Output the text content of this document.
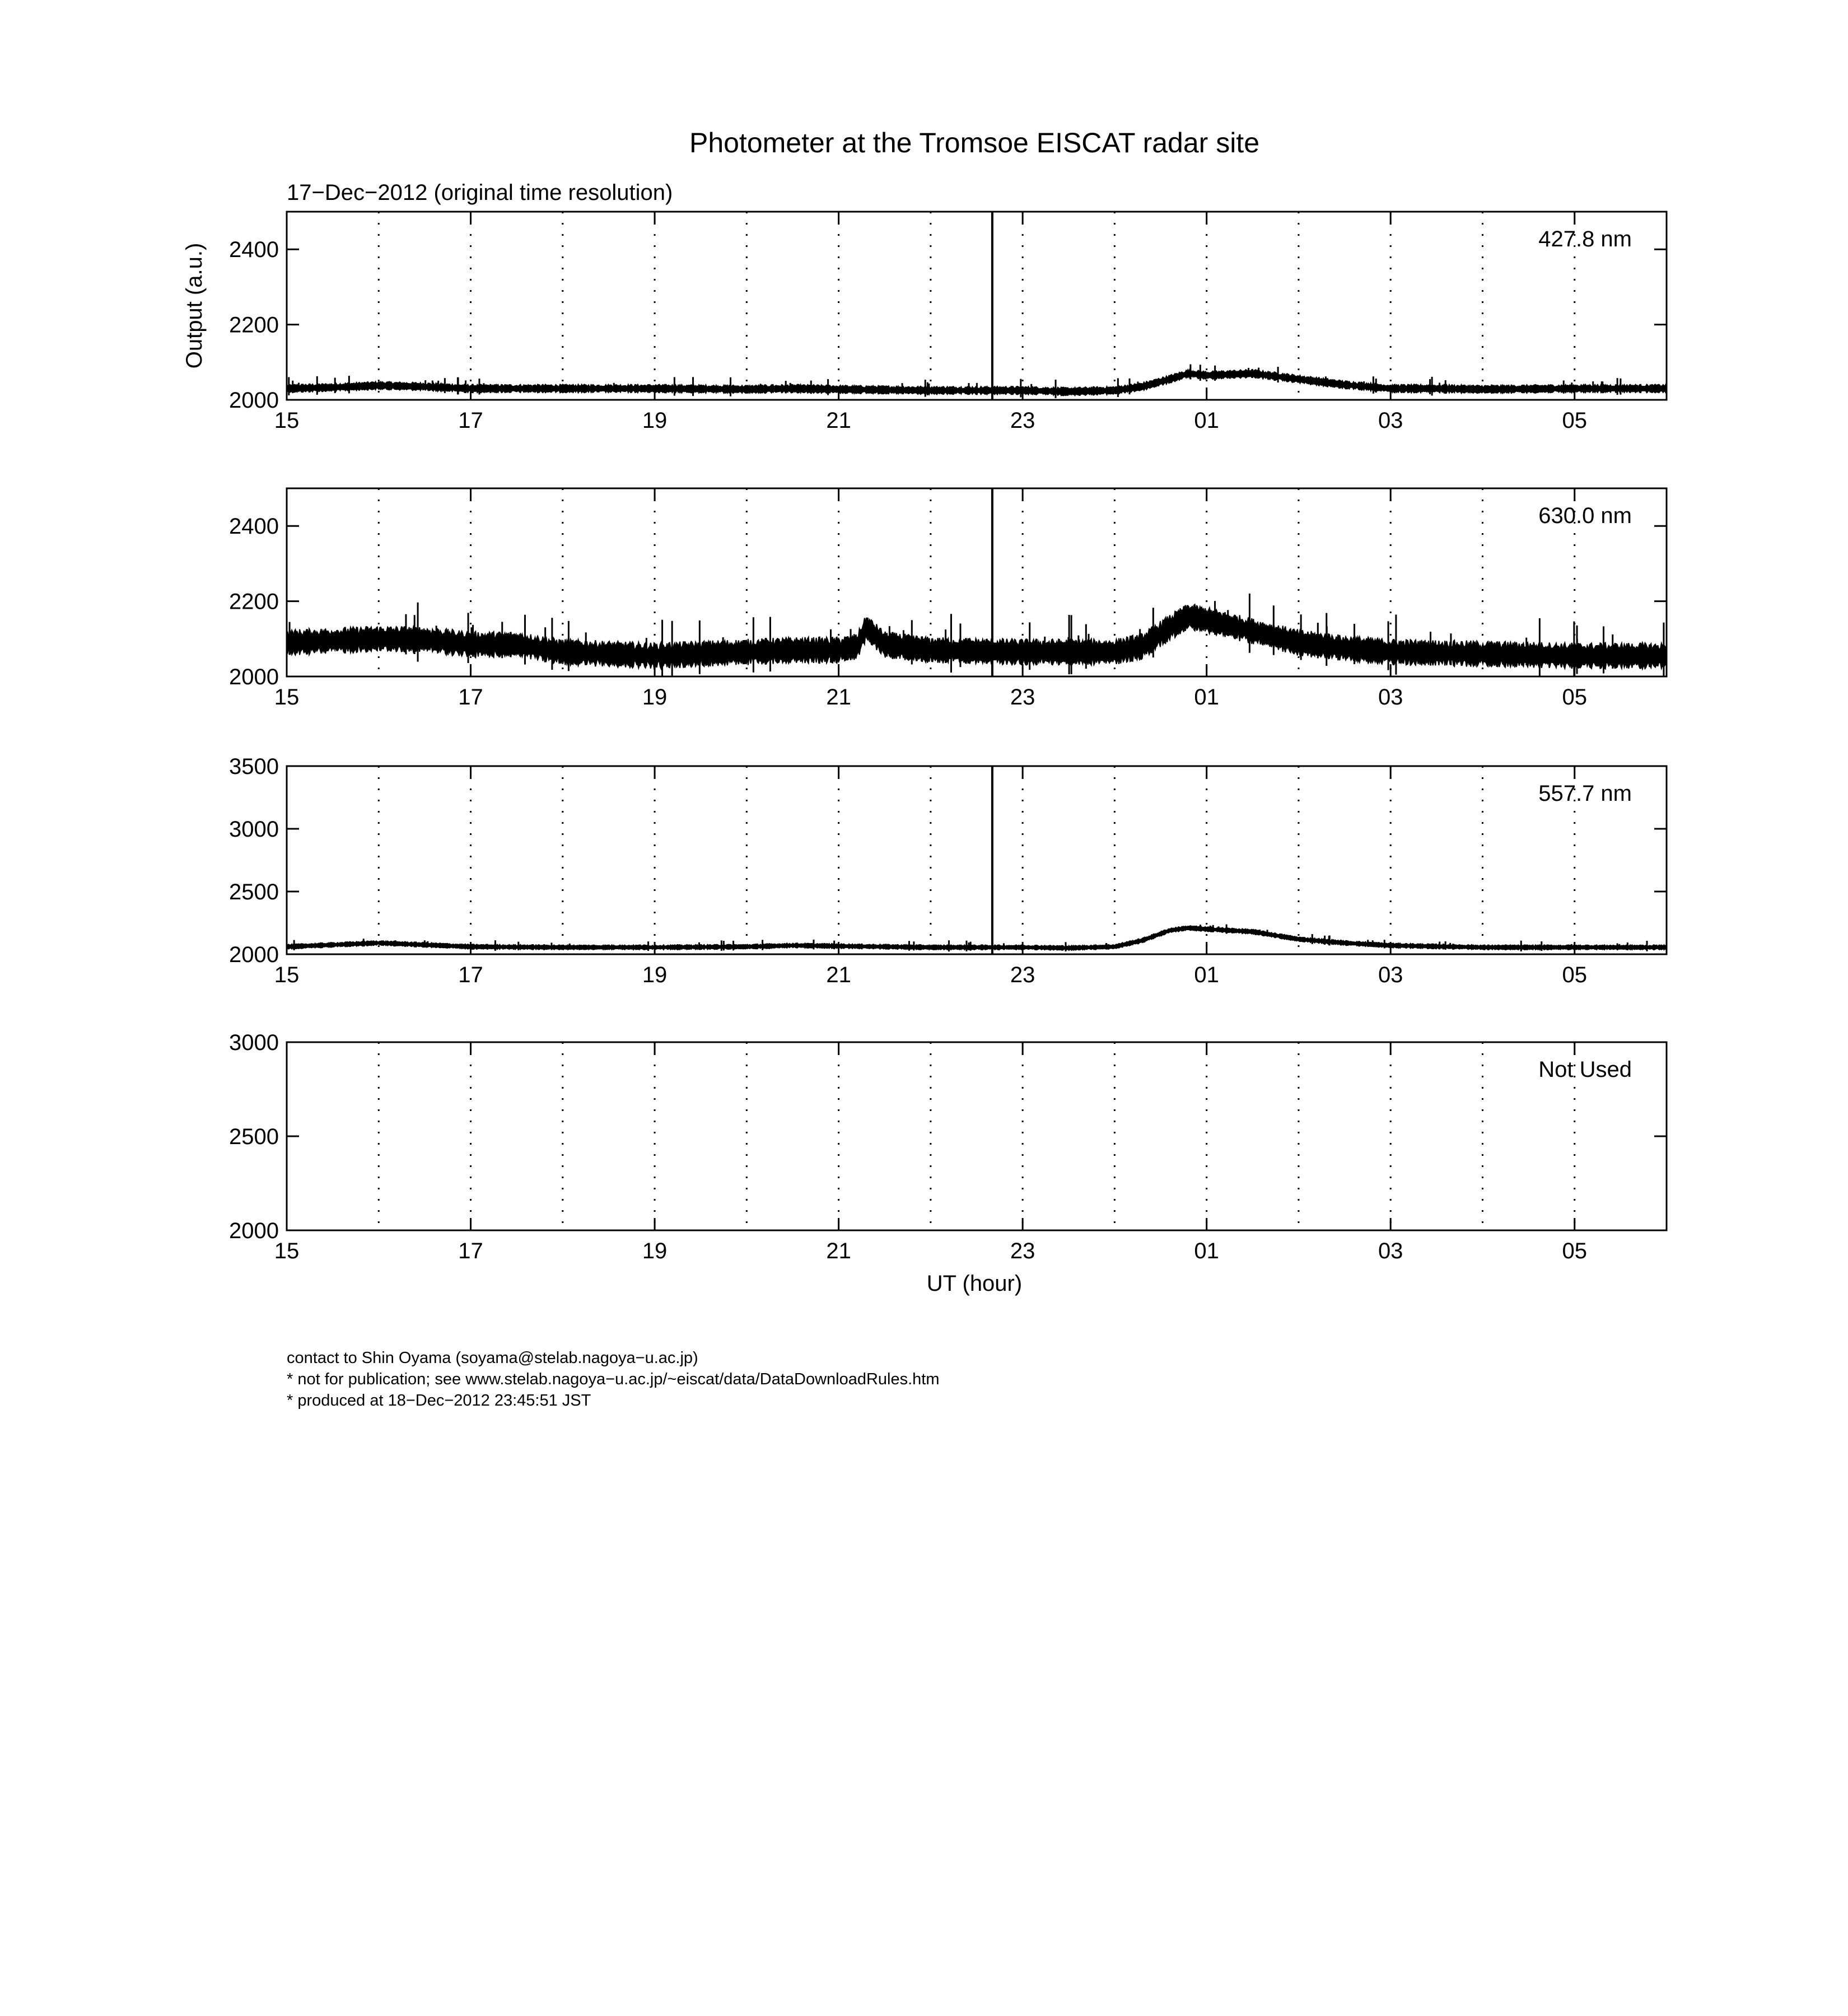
Photometer at the Tromsoe EISCAT radar site
17−Dec−2012 (original time resolution)
Output (a.u.)
UT (hour)
15	17	19	21	23	01	03	05
2000
2200
2400	427.8 nm
15	17	19	21	23	01	03	05
2000
2200
2400	630.0 nm
15	17	19	21	23	01	03	05
2000
2500
3000
3500
557.7 nm
15	17	19	21	23	01	03	05
2000
2500
3000
Not Used
contact to Shin Oyama (soyama@stelab.nagoya−u.ac.jp)
* not for publication; see www.stelab.nagoya−u.ac.jp/~eiscat/data/DataDownloadRules.htm
* produced at 18−Dec−2012 23:45:51 JST
